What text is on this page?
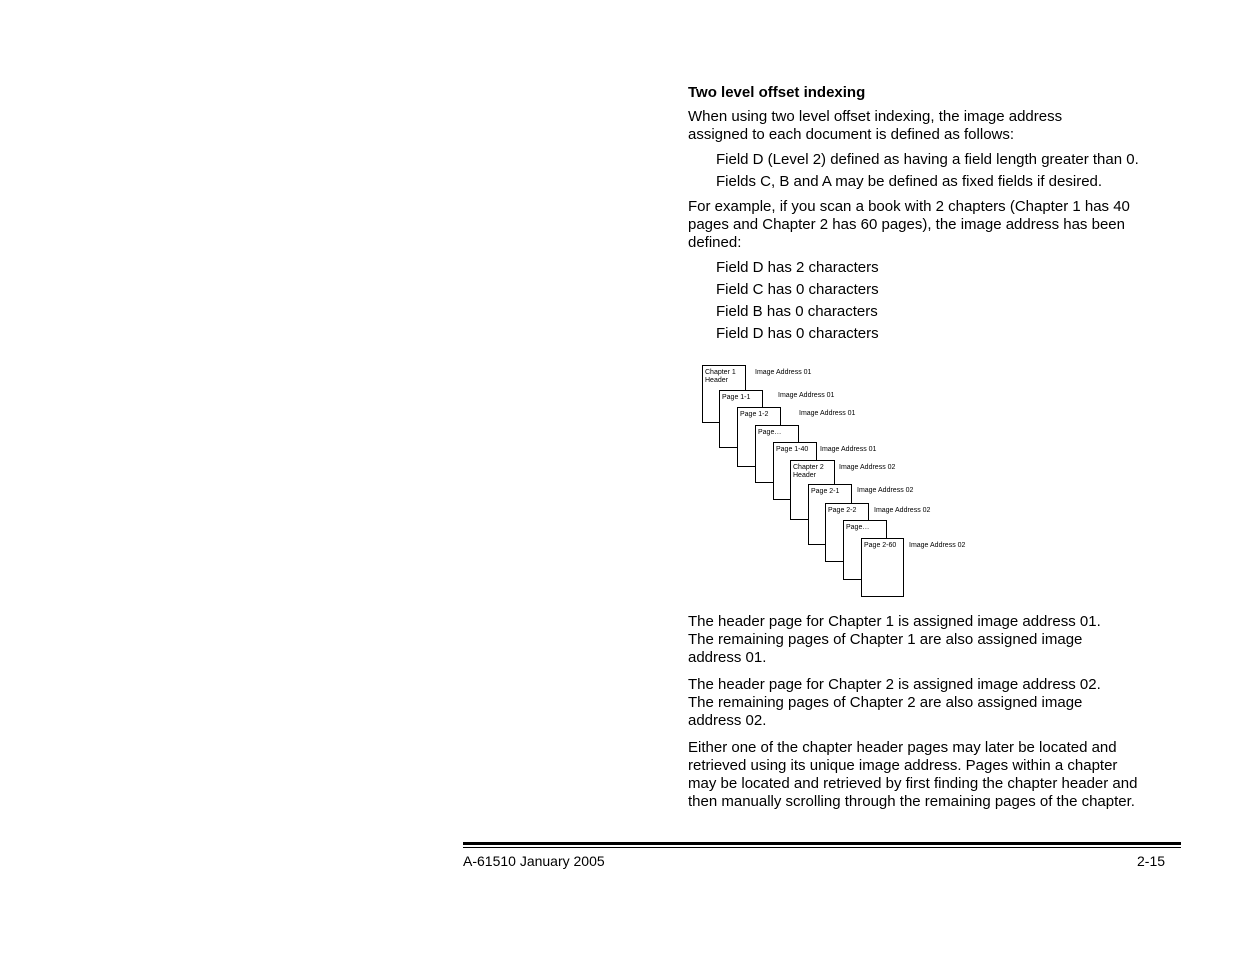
Two level offset indexing
When using two level offset indexing, the image address assigned to each document is defined as follows:
Field D (Level 2) defined as having a field length greater than 0.
Fields C, B and A may be defined as fixed fields if desired.
For example, if you scan a book with 2 chapters (Chapter 1 has 40 pages and Chapter 2 has 60 pages), the image address has been defined:
Field D has 2 characters
Field C has 0 characters
Field B has 0 characters
Field D has 0 characters
Chapter 1
Header
Image Address 01
Page 1-1	Image Address 01
Page 1-2	Image Address 01
Page…
Page 1-40 Image Address 01
Chapter 2
Header
Image Address 02
Page 2-1	Image Address 02
Page 2-2	Image Address 02
Page…
Page 2-60 Image Address 02
The header page for Chapter 1 is assigned image address 01. The remaining pages of Chapter 1 are also assigned image address 01.
The header page for Chapter 2 is assigned image address 02. The remaining pages of Chapter 2 are also assigned image address 02.
Either one of the chapter header pages may later be located and retrieved using its unique image address. Pages within a chapter may be located and retrieved by first finding the chapter header and then manually scrolling through the remaining pages of the chapter.
A-61510 January 2005	2-15
